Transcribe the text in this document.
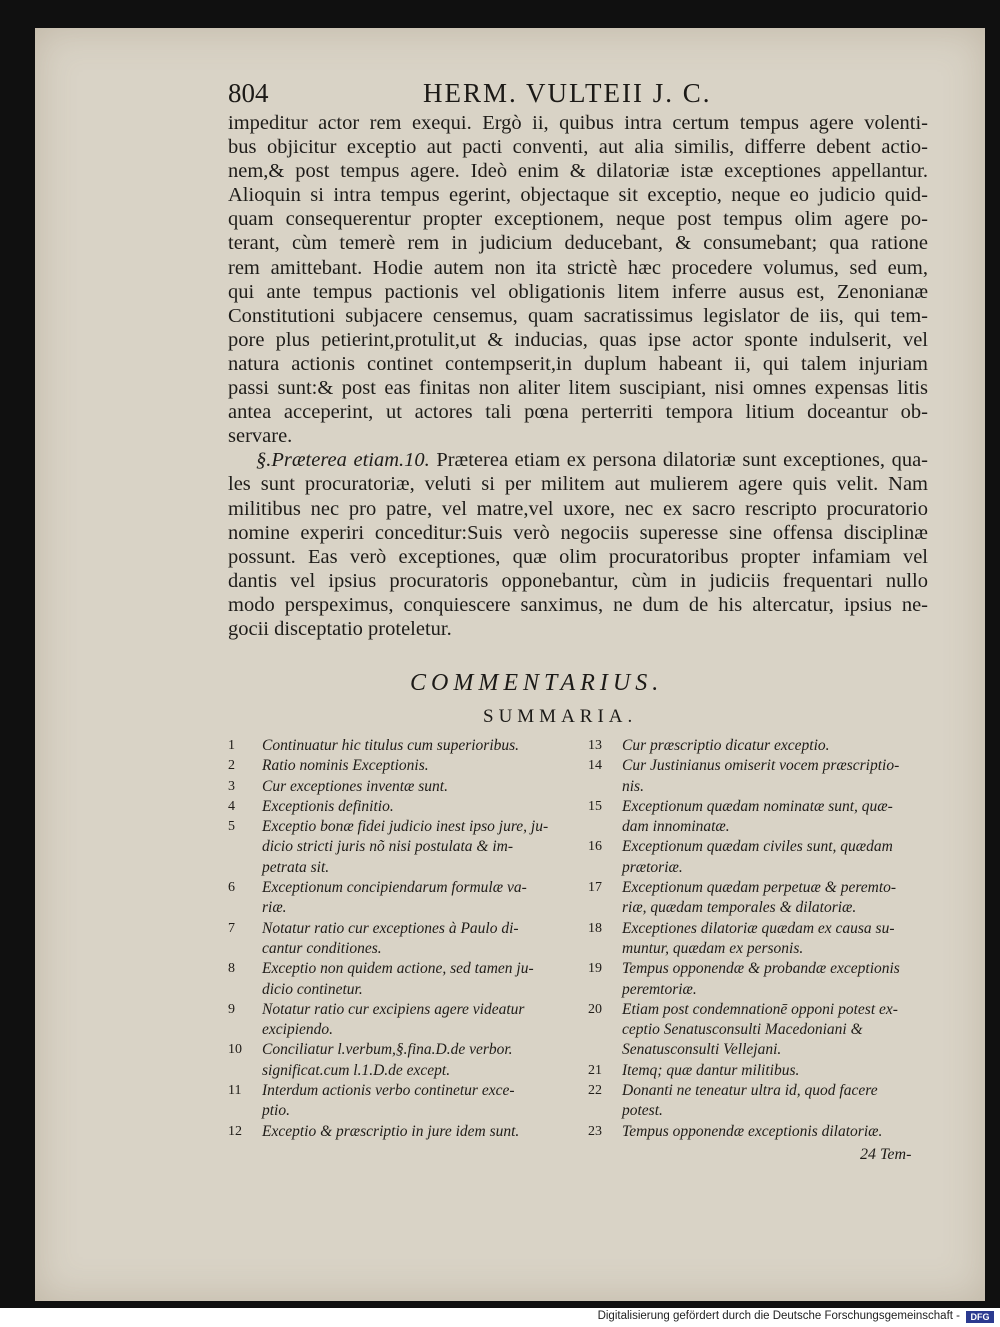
804	HERM. VULTEII J. C.

impeditur actor rem exequi. Ergò ii, quibus intra certum tempus agere volenti-
bus objicitur exceptio aut pacti conventi, aut alia similis, differre debent actio-
nem,& post tempus agere. Ideò enim & dilatoriæ istæ exceptiones appellantur.
Alioquin si intra tempus egerint, objectaque sit exceptio, neque eo judicio quid-
quam consequerentur propter exceptionem, neque post tempus olim agere po-
terant, cùm temerè rem in judicium deducebant, & consumebant; qua ratione
rem amittebant. Hodie autem non ita strictè hæc procedere volumus, sed eum,
qui ante tempus pactionis vel obligationis litem inferre ausus est, Zenonianæ
Constitutioni subjacere censemus, quam sacratissimus legislator de iis, qui tem-
pore plus petierint,protulit,ut & inducias, quas ipse actor sponte indulserit, vel
natura actionis continet contempserit,in duplum habeant ii, qui talem injuriam
passi sunt:& post eas finitas non aliter litem suscipiant, nisi omnes expensas litis
antea acceperint, ut actores tali pœna perterriti tempora litium doceantur ob-
servare.

§.Præterea etiam.10. Præterea etiam ex persona dilatoriæ sunt exceptiones, qua-
les sunt procuratoriæ, veluti si per militem aut mulierem agere quis velit. Nam
militibus nec pro patre, vel matre,vel uxore, nec ex sacro rescripto procuratorio
nomine experiri conceditur:Suis verò negociis superesse sine offensa disciplinæ
possunt. Eas verò exceptiones, quæ olim procuratoribus propter infamiam vel
dantis vel ipsius procuratoris opponebantur, cùm in judiciis frequentari nullo
modo perspeximus, conquiescere sanximus, ne dum de his altercatur, ipsius ne-
gocii disceptatio proteletur.

COMMENTARIUS.
SUMMARIA.
1	Continuatur hic titulus cum superioribus.
2	Ratio nominis Exceptionis.
3	Cur exceptiones inventæ sunt.
4	Exceptionis definitio.
5	Exceptio bonæ fidei judicio inest ipso jure, ju-
dicio stricti juris nõ nisi postulata & im-
petrata sit.
6	Exceptionum concipiendarum formulæ va-
riæ.
7	Notatur ratio cur exceptiones à Paulo di-
cantur conditiones.
8	Exceptio non quidem actione, sed tamen ju-
dicio continetur.
9	Notatur ratio cur excipiens agere videatur
excipiendo.
10	Conciliatur l.verbum,§.fina.D.de verbor.
significat.cum l.1.D.de except.
11	Interdum actionis verbo continetur exce-
ptio.
12	Exceptio & præscriptio in jure idem sunt.
13	Cur præscriptio dicatur exceptio.
14	Cur Justinianus omiserit vocem præscriptio-
nis.
15	Exceptionum quædam nominatæ sunt, quæ-
dam innominatæ.
16	Exceptionum quædam civiles sunt, quædam
prætoriæ.
17	Exceptionum quædam perpetuæ & peremto-
riæ, quædam temporales & dilatoriæ.
18	Exceptiones dilatoriæ quædam ex causa su-
muntur, quædam ex personis.
19	Tempus opponendæ & probandæ exceptionis
peremtoriæ.
20	Etiam post condemnationē opponi potest ex-
ceptio Senatusconsulti Macedoniani &
Senatusconsulti Vellejani.
21	Itemq; quæ dantur militibus.
22	Donanti ne teneatur ultra id, quod facere
potest.
23	Tempus opponendæ exceptionis dilatoriæ.
24 Tem-
Digitalisierung gefördert durch die Deutsche Forschungsgemeinschaft -	DFG
